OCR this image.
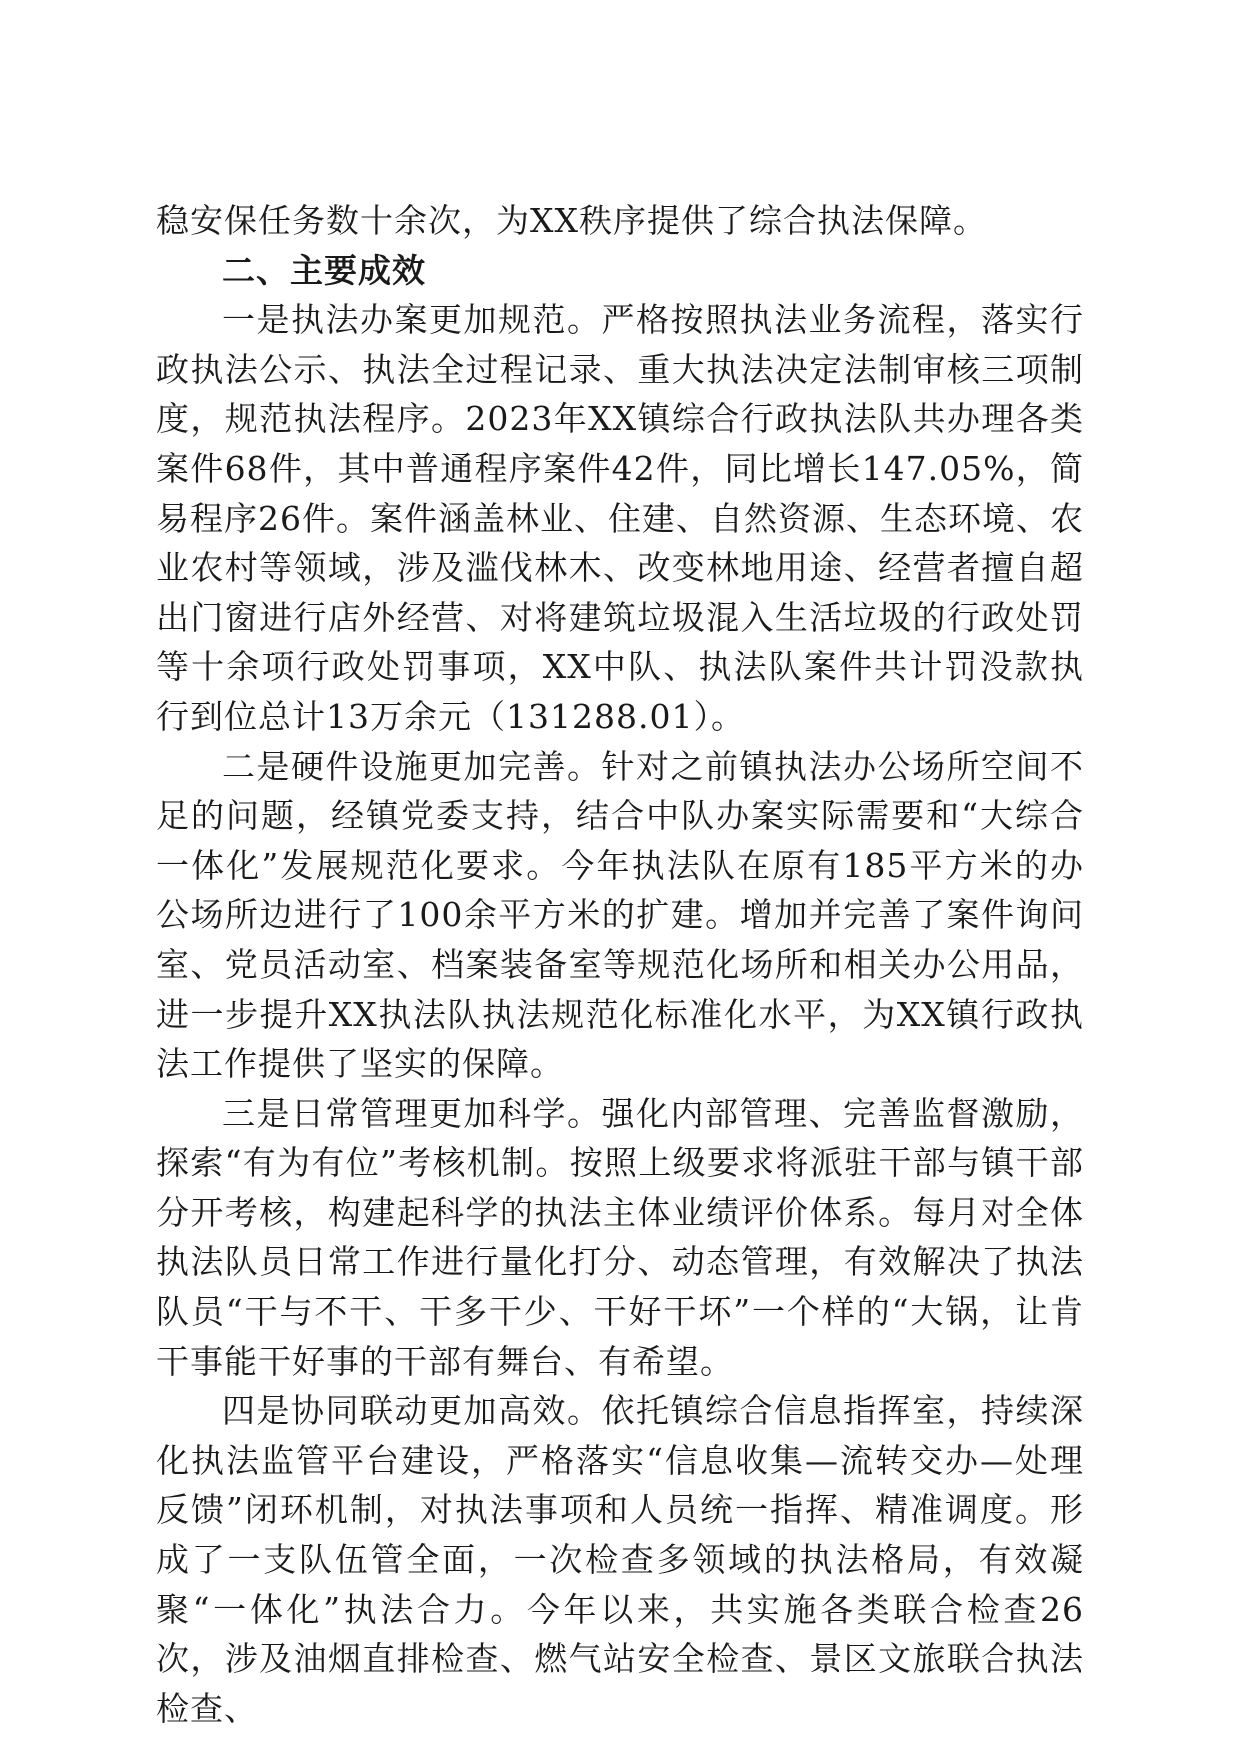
稳安保任务数十余次，为XX秩序提供了综合执法保障。

二、主要成效

一是执法办案更加规范。严格按照执法业务流程，落实行政执法公示、执法全过程记录、重大执法决定法制审核三项制度，规范执法程序。2023年XX镇综合行政执法队共办理各类案件68件，其中普通程序案件42件，同比增长147.05%，简易程序26件。案件涵盖林业、住建、自然资源、生态环境、农业农村等领域，涉及滥伐林木、改变林地用途、经营者擅自超出门窗进行店外经营、对将建筑垃圾混入生活垃圾的行政处罚等十余项行政处罚事项，XX中队、执法队案件共计罚没款执行到位总计13万余元（131288.01）。

二是硬件设施更加完善。针对之前镇执法办公场所空间不足的问题，经镇党委支持，结合中队办案实际需要和“大综合一体化”发展规范化要求。今年执法队在原有185平方米的办公场所边进行了100余平方米的扩建。增加并完善了案件询问室、党员活动室、档案装备室等规范化场所和相关办公用品，进一步提升XX执法队执法规范化标准化水平，为XX镇行政执法工作提供了坚实的保障。

三是日常管理更加科学。强化内部管理、完善监督激励，探索“有为有位”考核机制。按照上级要求将派驻干部与镇干部分开考核，构建起科学的执法主体业绩评价体系。每月对全体执法队员日常工作进行量化打分、动态管理，有效解决了执法队员“干与不干、干多干少、干好干坏”一个样的“大锅，让肯干事能干好事的干部有舞台、有希望。

四是协同联动更加高效。依托镇综合信息指挥室，持续深化执法监管平台建设，严格落实“信息收集—流转交办—处理反馈”闭环机制，对执法事项和人员统一指挥、精准调度。形成了一支队伍管全面，一次检查多领域的执法格局，有效凝聚“一体化”执法合力。今年以来，共实施各类联合检查26次，涉及油烟直排检查、燃气站安全检查、景区文旅联合执法检查、
